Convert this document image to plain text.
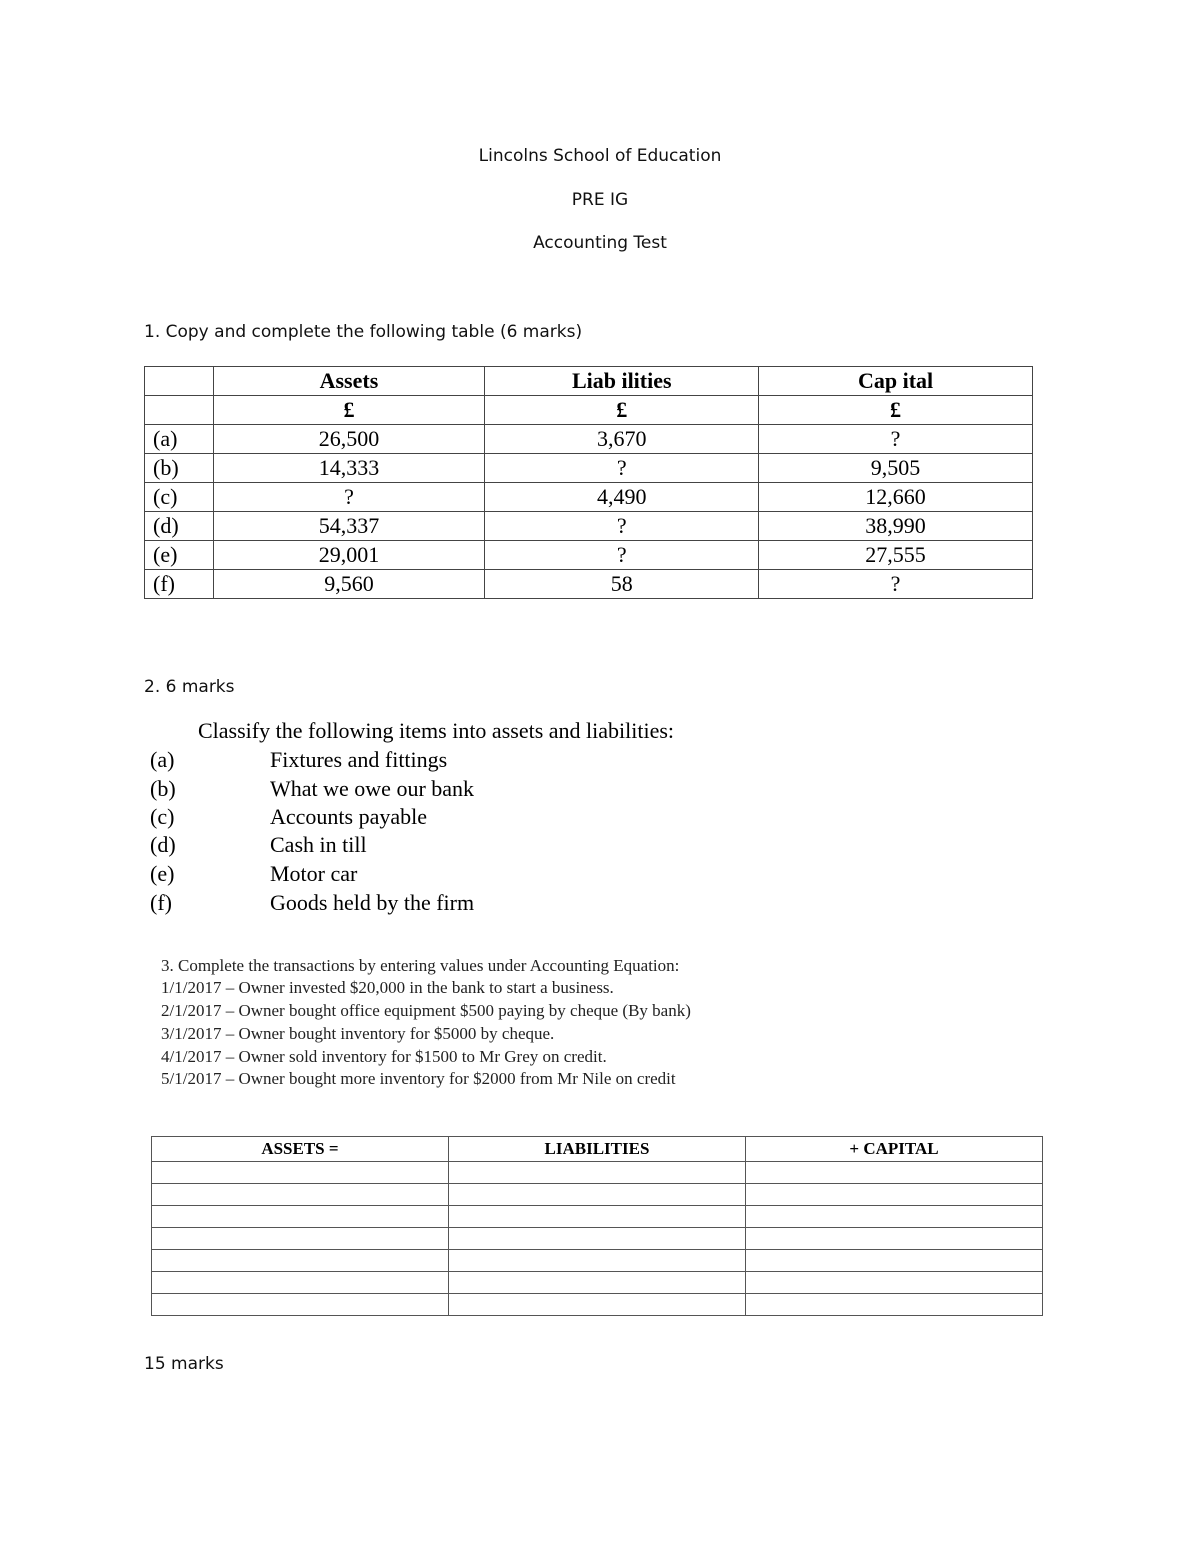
Lincolns School of Education
PRE IG
Accounting Test
1. Copy and complete the following table (6 marks)
	Assets	Liab ilities	Cap ital
	£	£	£
(a)	26,500	3,670	?
(b)	14,333	?	9,505
(c)	?	4,490	12,660
(d)	54,337	?	38,990
(e)	29,001	?	27,555
(f)	9,560	58	?
2. 6 marks
Classify the following items into assets and liabilities:
(a)	Fixtures and fittings
(b)	What we owe our bank
(c)	Accounts payable
(d)	Cash in till
(e)	Motor car
(f)	Goods held by the firm
3. Complete the transactions by entering values under Accounting Equation:
1/1/2017 – Owner invested $20,000 in the bank to start a business.
2/1/2017 – Owner bought office equipment $500 paying by cheque (By bank)
3/1/2017 – Owner bought inventory for $5000 by cheque.
4/1/2017 – Owner sold inventory for $1500 to Mr Grey on credit.
5/1/2017 – Owner bought more inventory for $2000 from Mr Nile on credit
ASSETS =	LIABILITIES	+ CAPITAL

15 marks
